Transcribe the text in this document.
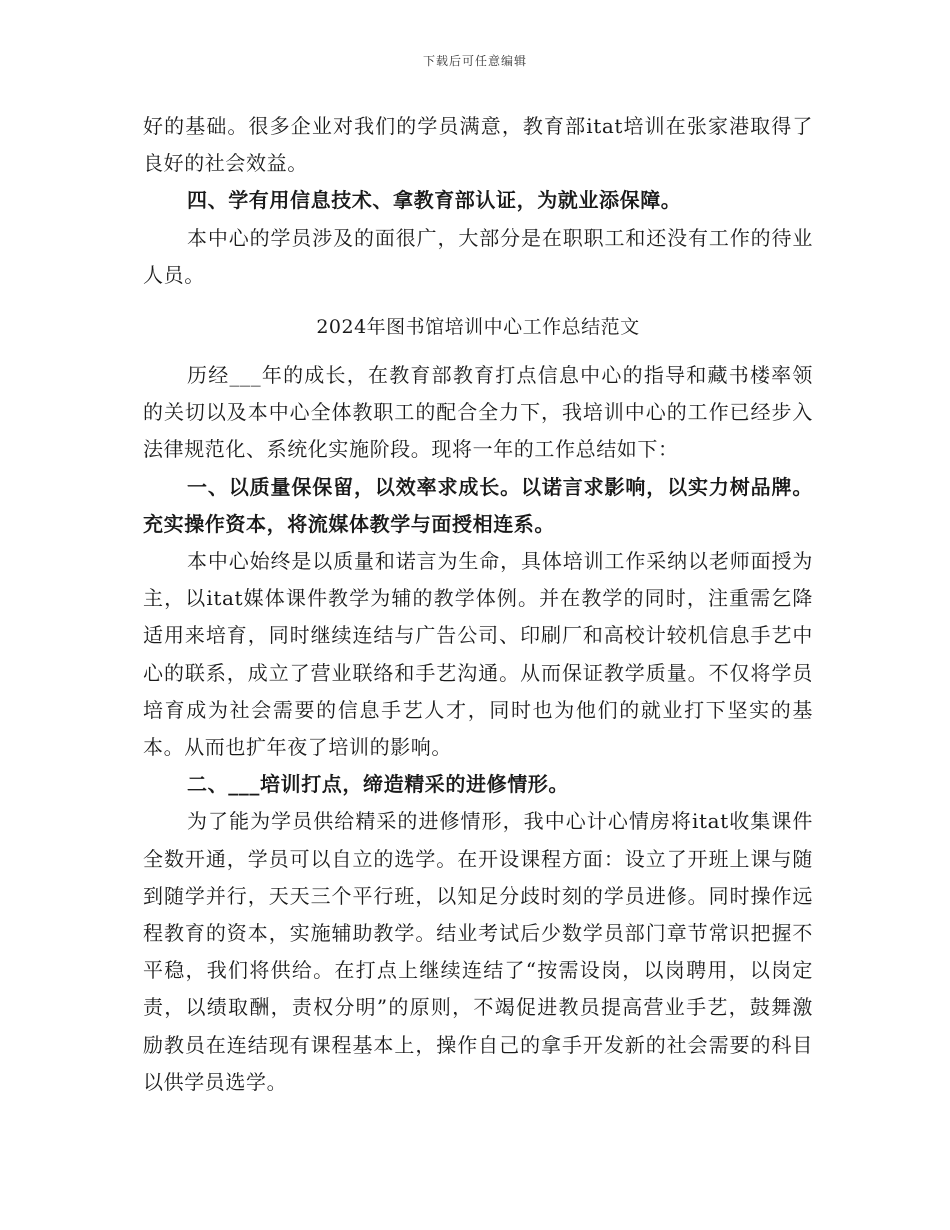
下载后可任意编辑

好的基础。很多企业对我们的学员满意，教育部itat培训在张家港取得了良好的社会效益。

四、学有用信息技术、拿教育部认证，为就业添保障。

本中心的学员涉及的面很广，大部分是在职职工和还没有工作的待业人员。

2024年图书馆培训中心工作总结范文

历经___年的成长，在教育部教育打点信息中心的指导和藏书楼率领的关切以及本中心全体教职工的配合全力下，我培训中心的工作已经步入法律规范化、系统化实施阶段。现将一年的工作总结如下：

一、以质量保保留，以效率求成长。以诺言求影响，以实力树品牌。充实操作资本，将流媒体教学与面授相连系。

本中心始终是以质量和诺言为生命，具体培训工作采纳以老师面授为主，以itat媒体课件教学为辅的教学体例。并在教学的同时，注重需乞降适用来培育，同时继续连结与广告公司、印刷厂和高校计较机信息手艺中心的联系，成立了营业联络和手艺沟通。从而保证教学质量。不仅将学员培育成为社会需要的信息手艺人才，同时也为他们的就业打下坚实的基本。从而也扩年夜了培训的影响。

二、___培训打点，缔造精采的进修情形。

为了能为学员供给精采的进修情形，我中心计心情房将itat收集课件全数开通，学员可以自立的选学。在开设课程方面：设立了开班上课与随到随学并行，天天三个平行班，以知足分歧时刻的学员进修。同时操作远程教育的资本，实施辅助教学。结业考试后少数学员部门章节常识把握不平稳，我们将供给。在打点上继续连结了“按需设岗，以岗聘用，以岗定责，以绩取酬，责权分明”的原则，不竭促进教员提高营业手艺，鼓舞激励教员在连结现有课程基本上，操作自己的拿手开发新的社会需要的科目以供学员选学。
